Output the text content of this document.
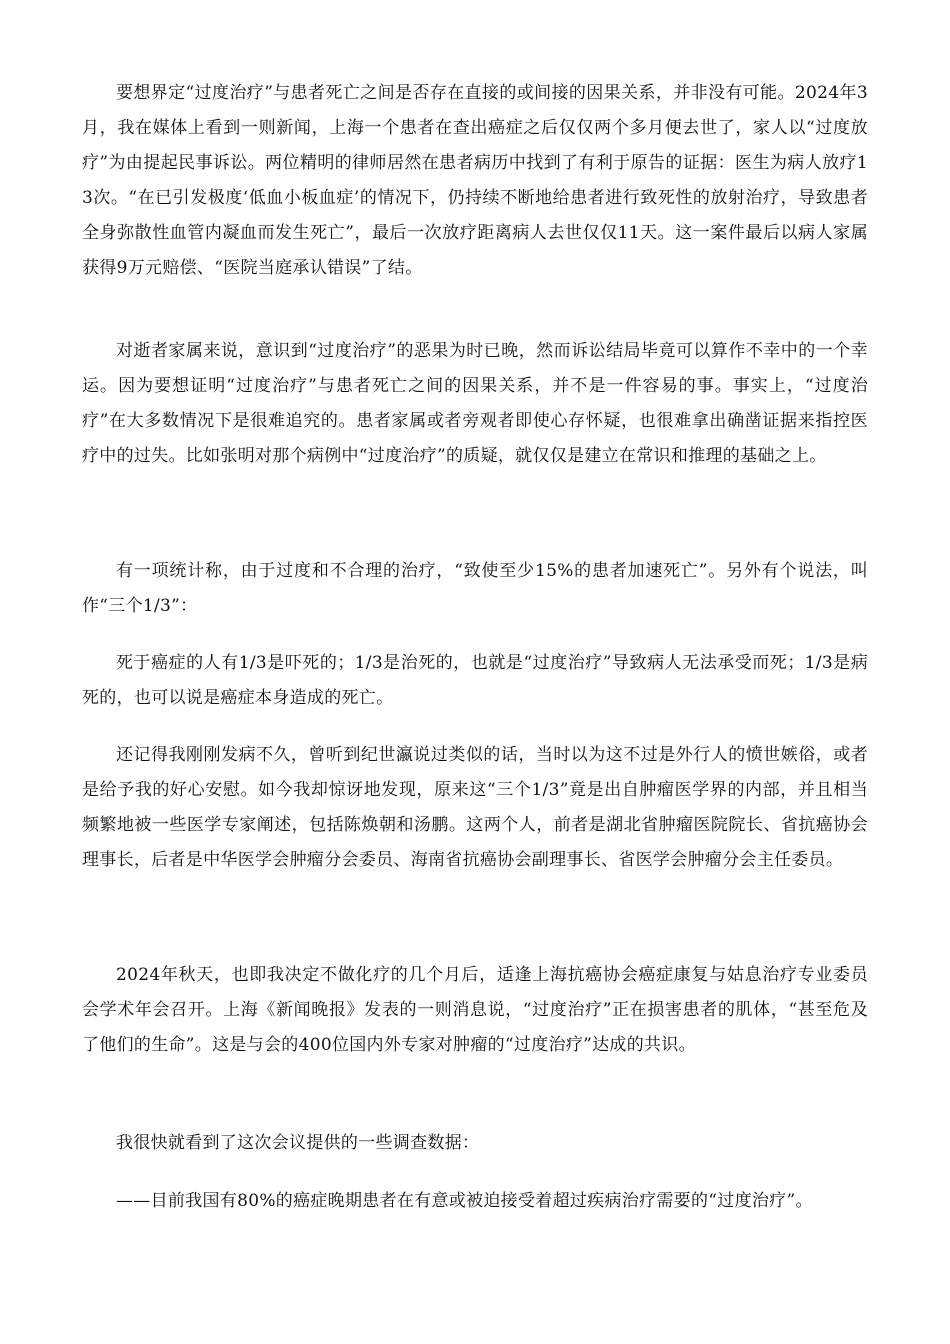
要想界定“过度治疗”与患者死亡之间是否存在直接的或间接的因果关系，并非没有可能。2024年3月，我在媒体上看到一则新闻，上海一个患者在查出癌症之后仅仅两个多月便去世了，家人以“过度放疗”为由提起民事诉讼。两位精明的律师居然在患者病历中找到了有利于原告的证据：医生为病人放疗13次。“在已引发极度‘低血小板血症’的情况下，仍持续不断地给患者进行致死性的放射治疗，导致患者全身弥散性血管内凝血而发生死亡”，最后一次放疗距离病人去世仅仅11天。这一案件最后以病人家属获得9万元赔偿、“医院当庭承认错误”了结。

对逝者家属来说，意识到“过度治疗”的恶果为时已晚，然而诉讼结局毕竟可以算作不幸中的一个幸运。因为要想证明“过度治疗”与患者死亡之间的因果关系，并不是一件容易的事。事实上，“过度治疗”在大多数情况下是很难追究的。患者家属或者旁观者即使心存怀疑，也很难拿出确凿证据来指控医疗中的过失。比如张明对那个病例中“过度治疗”的质疑，就仅仅是建立在常识和推理的基础之上。

有一项统计称，由于过度和不合理的治疗，“致使至少15%的患者加速死亡”。另外有个说法，叫作“三个1/3”：

死于癌症的人有1/3是吓死的；1/3是治死的，也就是“过度治疗”导致病人无法承受而死；1/3是病死的，也可以说是癌症本身造成的死亡。

还记得我刚刚发病不久，曾听到纪世瀛说过类似的话，当时以为这不过是外行人的愤世嫉俗，或者是给予我的好心安慰。如今我却惊讶地发现，原来这“三个1/3”竟是出自肿瘤医学界的内部，并且相当频繁地被一些医学专家阐述，包括陈焕朝和汤鹏。这两个人，前者是湖北省肿瘤医院院长、省抗癌协会理事长，后者是中华医学会肿瘤分会委员、海南省抗癌协会副理事长、省医学会肿瘤分会主任委员。

2024年秋天，也即我决定不做化疗的几个月后，适逢上海抗癌协会癌症康复与姑息治疗专业委员会学术年会召开。上海《新闻晚报》发表的一则消息说，“过度治疗”正在损害患者的肌体，“甚至危及了他们的生命”。这是与会的400位国内外专家对肿瘤的“过度治疗”达成的共识。

我很快就看到了这次会议提供的一些调查数据：

——目前我国有80%的癌症晚期患者在有意或被迫接受着超过疾病治疗需要的“过度治疗”。
